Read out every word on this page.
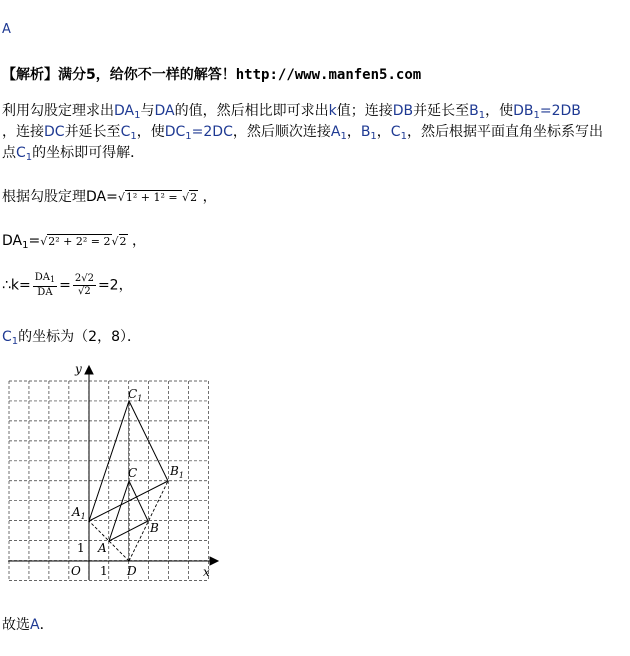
A
【解析】满分5，给你不一样的解答！http://www.manfen5.com
利用勾股定理求出$DA_1$与DA的值，然后相比即可求出k值；连接DB并延长至$B_1$，使$DB_1=2DB$
，连接DC并延长至$C_1$，使$DC_1=2DC$，然后顺次连接$A_1$，$B_1$，$C_1$，然后根据平面直角坐标系写出
点$C_1$的坐标即可得解．
根据勾股定理DA=√1² + 1² = √2 ，
$DA_1=√2^2 + 2^2 = 2√2$ ，
∴k= $\frac{DA_1}{DA} = \frac{2√2}{√2} =2$，
$C_1$的坐标为（2，8）．
x
y
O 1
1 A
B
C
D
$A_1$
$B_1$
$C_1$
故选A．
